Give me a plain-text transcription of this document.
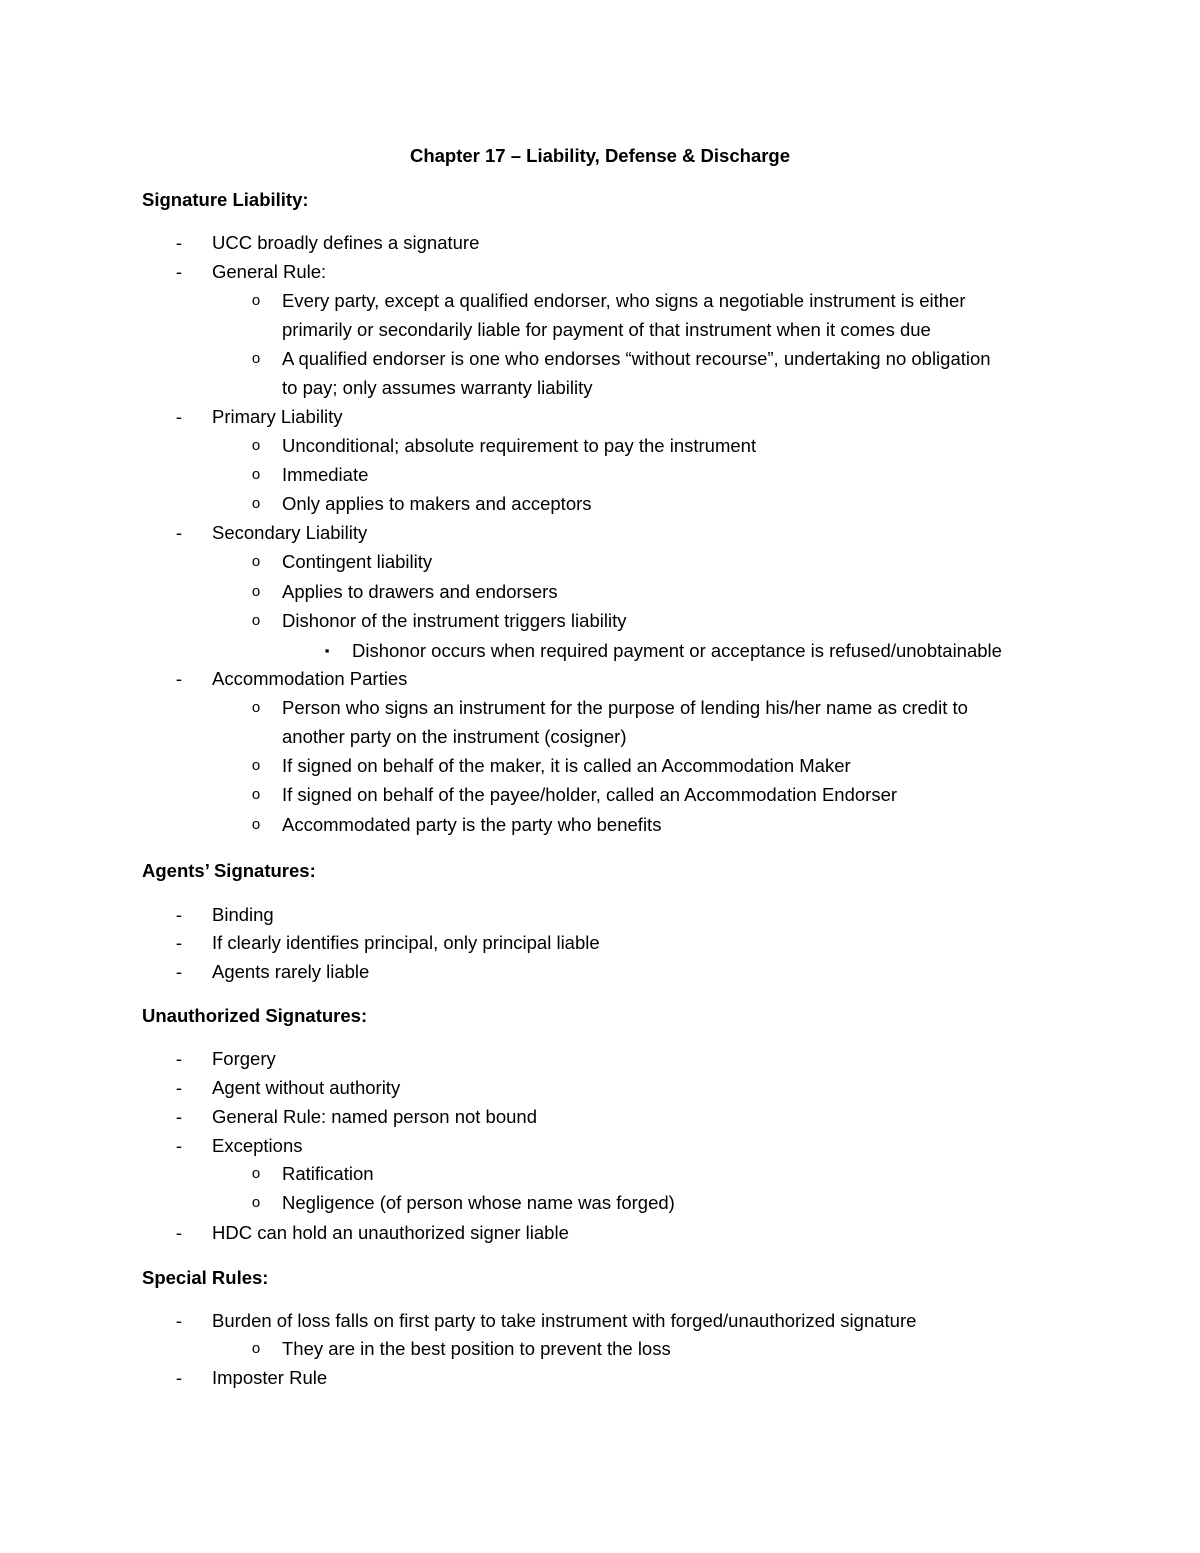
Chapter 17 – Liability, Defense & Discharge
Signature Liability:
-	UCC broadly defines a signature
-	General Rule:
o	Every party, except a qualified endorser, who signs a negotiable instrument is either
primarily or secondarily liable for payment of that instrument when it comes due
o	A qualified endorser is one who endorses “without recourse”, undertaking no obligation
to pay; only assumes warranty liability
-	Primary Liability
o	Unconditional; absolute requirement to pay the instrument
o	Immediate
o	Only applies to makers and acceptors
-	Secondary Liability
o	Contingent liability
o	Applies to drawers and endorsers
o	Dishonor of the instrument triggers liability
▪	Dishonor occurs when required payment or acceptance is refused/unobtainable
-	Accommodation Parties
o	Person who signs an instrument for the purpose of lending his/her name as credit to
another party on the instrument (cosigner)
o	If signed on behalf of the maker, it is called an Accommodation Maker
o	If signed on behalf of the payee/holder, called an Accommodation Endorser
o	Accommodated party is the party who benefits
Agents’ Signatures:
-	Binding
-	If clearly identifies principal, only principal liable
-	Agents rarely liable
Unauthorized Signatures:
-	Forgery
-	Agent without authority
-	General Rule: named person not bound
-	Exceptions
o	Ratification
o	Negligence (of person whose name was forged)
-	HDC can hold an unauthorized signer liable
Special Rules:
-	Burden of loss falls on first party to take instrument with forged/unauthorized signature
o	They are in the best position to prevent the loss
-	Imposter Rule
